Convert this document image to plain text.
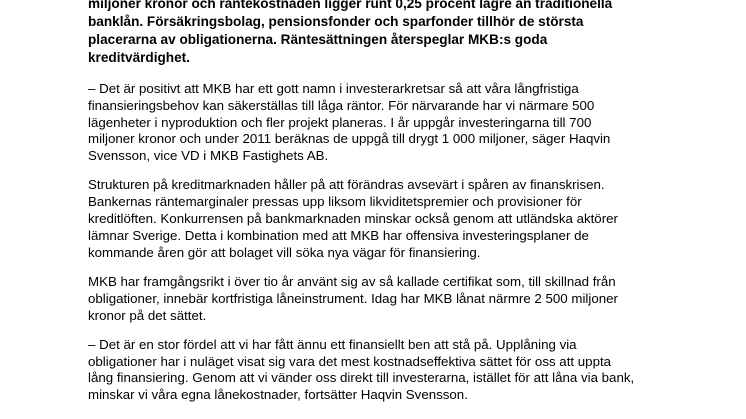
miljoner kronor och räntekostnaden ligger runt 0,25 procent lägre än traditionella
banklån. Försäkringsbolag, pensionsfonder och sparfonder tillhör de största
placerarna av obligationerna. Räntesättningen återspeglar MKB:s goda
kreditvärdighet.

– Det är positivt att MKB har ett gott namn i investerarkretsar så att våra långfristiga
finansieringsbehov kan säkerställas till låga räntor. För närvarande har vi närmare 500
lägenheter i nyproduktion och fler projekt planeras. I år uppgår investeringarna till 700
miljoner kronor och under 2011 beräknas de uppgå till drygt 1 000 miljoner, säger Haqvin
Svensson, vice VD i MKB Fastighets AB.

Strukturen på kreditmarknaden håller på att förändras avsevärt i spåren av finanskrisen.
Bankernas räntemarginaler pressas upp liksom likviditetspremier och provisioner för
kreditlöften. Konkurrensen på bankmarknaden minskar också genom att utländska aktörer
lämnar Sverige. Detta i kombination med att MKB har offensiva investeringsplaner de
kommande åren gör att bolaget vill söka nya vägar för finansiering.

MKB har framgångsrikt i över tio år använt sig av så kallade certifikat som, till skillnad från
obligationer, innebär kortfristiga låneinstrument. Idag har MKB lånat närmre 2 500 miljoner
kronor på det sättet.

– Det är en stor fördel att vi har fått ännu ett finansiellt ben att stå på. Upplåning via
obligationer har i nuläget visat sig vara det mest kostnadseffektiva sättet för oss att uppta
lång finansiering. Genom att vi vänder oss direkt till investerarna, istället för att låna via bank,
minskar vi våra egna lånekostnader, fortsätter Haqvin Svensson.
